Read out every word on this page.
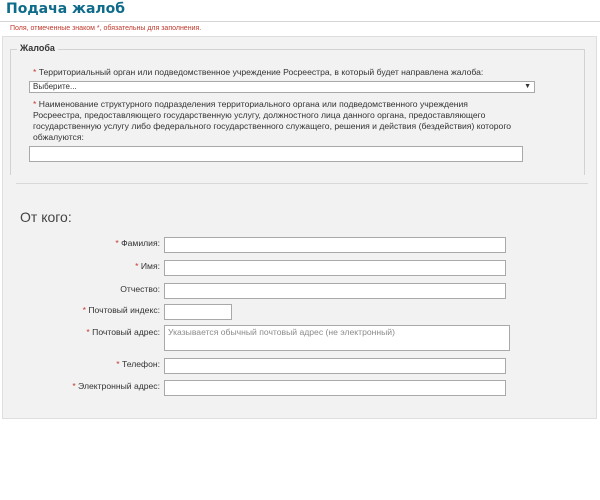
Подача жалоб
Поля, отмеченные знаком *, обязательны для заполнения.
Жалоба
* Территориальный орган или подведомственное учреждение Росреестра, в который будет направлена жалоба:
Выберите...	▼
* Наименование структурного подразделения территориального органа или подведомственного учреждения
Росреестра, предоставляющего государственную услугу, должностного лица данного органа, предоставляющего
государственную услугу либо федерального государственного служащего, решения и действия (бездействия) которого
обжалуются:
От кого:
* Фамилия:
* Имя:
Отчество:
* Почтовый индекс:
* Почтовый адрес: Указывается обычный почтовый адрес (не электронный)
* Телефон:
* Электронный адрес:
